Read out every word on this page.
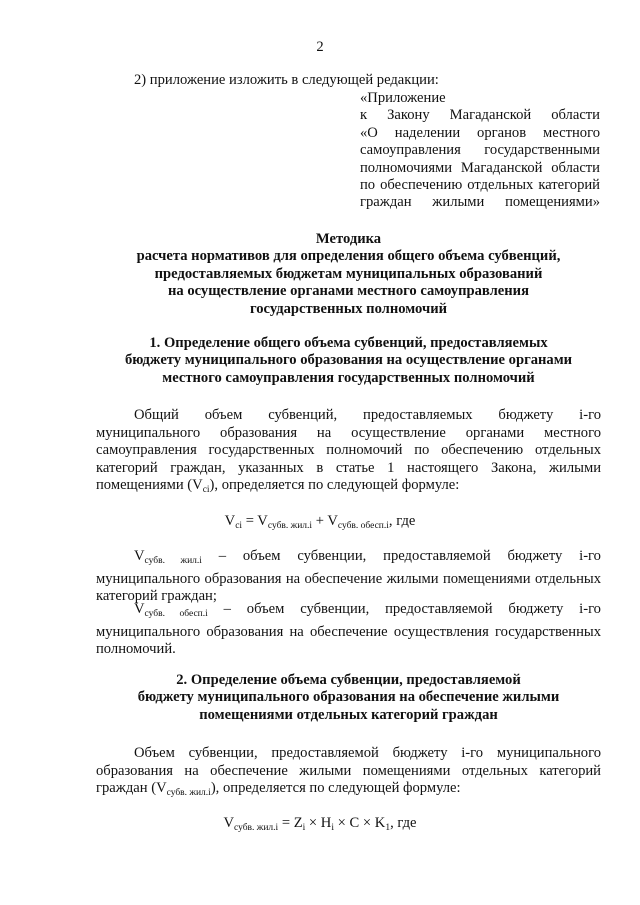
2
2) приложение изложить в следующей редакции:
«Приложение
к Закону Магаданской области
«О наделении органов местного
самоуправления государственными
полномочиями Магаданской области
по обеспечению отдельных категорий
граждан жилыми помещениями»
Методика
расчета нормативов для определения общего объема субвенций,
предоставляемых бюджетам муниципальных образований
на осуществление органами местного самоуправления
государственных полномочий
1. Определение общего объема субвенций, предоставляемых
бюджету муниципального образования на осуществление органами
местного самоуправления государственных полномочий
Общий объем субвенций, предоставляемых бюджету i-го
муниципального образования на осуществление органами местного
самоуправления государственных полномочий по обеспечению отдельных
категорий граждан, указанных в статье 1 настоящего Закона, жилыми
помещениями $(V_{ci})$, определяется по следующей формуле:
$V_{ci} = V_{субв. жил.i} + V_{субв. обесп.i}$, где
$V_{субв. жил.i}$ – объем субвенции, предоставляемой бюджету i-го
муниципального образования на обеспечение жилыми помещениями отдельных
категорий граждан;
$V_{субв. обесп.i}$ – объем субвенции, предоставляемой бюджету i-го
муниципального образования на обеспечение осуществления государственных
полномочий.
2. Определение объема субвенции, предоставляемой
бюджету муниципального образования на обеспечение жилыми
помещениями отдельных категорий граждан
Объем субвенции, предоставляемой бюджету i-го муниципального
образования на обеспечение жилыми помещениями отдельных категорий
граждан $(V_{субв. жил.i})$, определяется по следующей формуле:
$V_{субв. жил.i} = Z_i \times H_i \times C \times K_1$, где
